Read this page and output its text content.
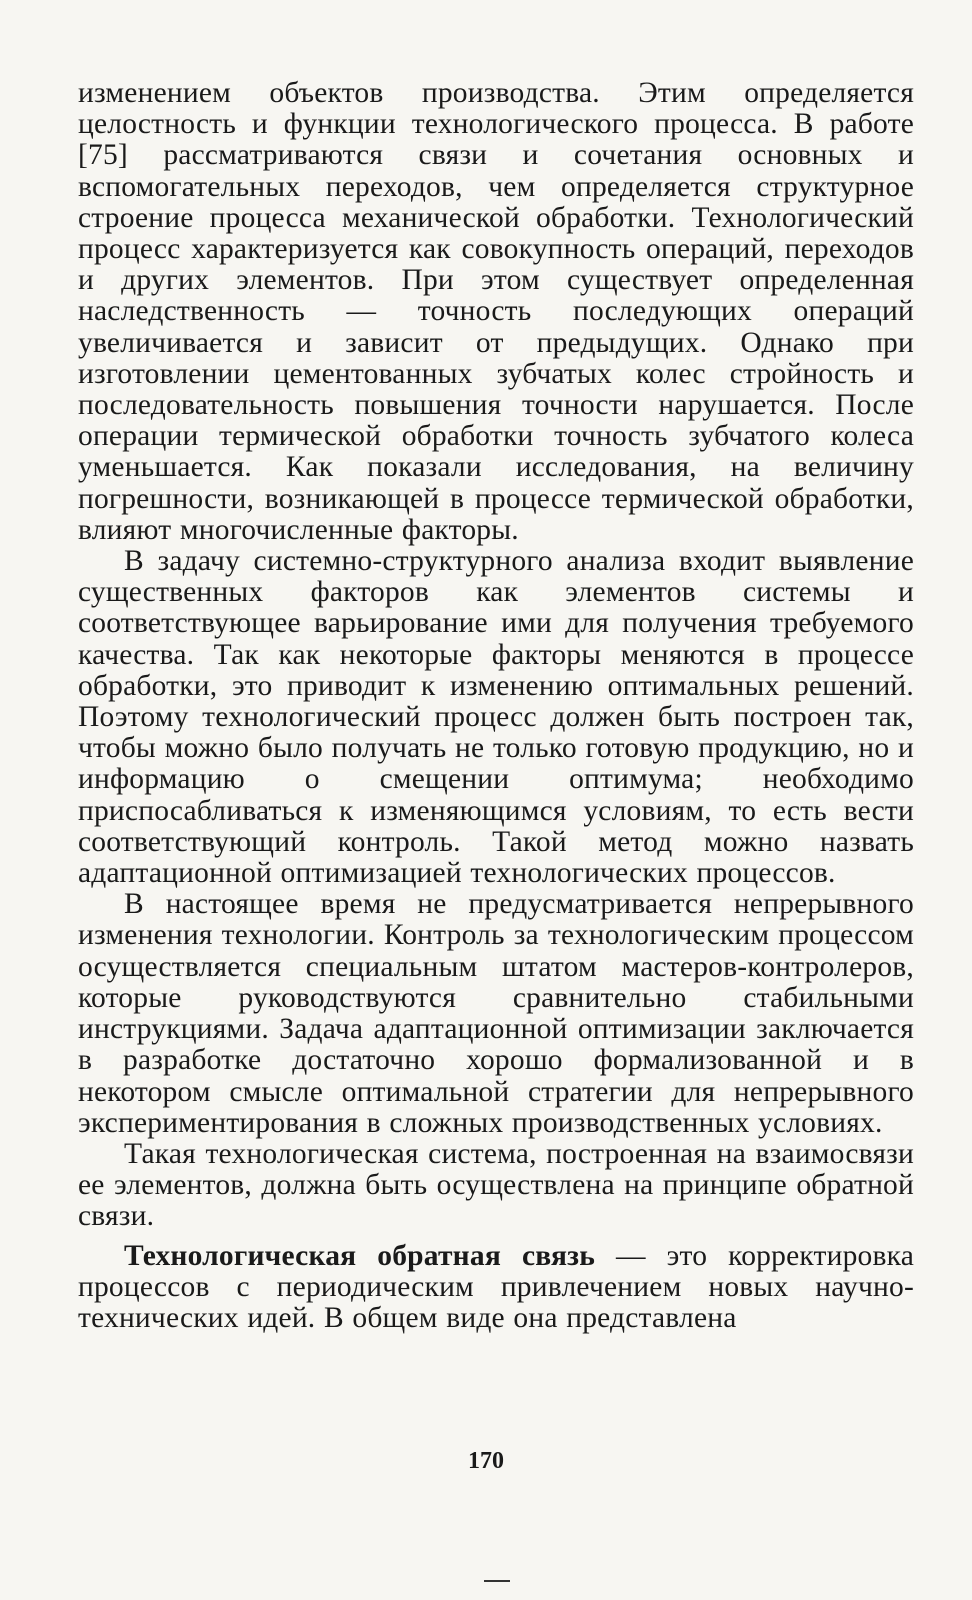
изменением объектов производства. Этим определяется целостность и функции технологического процесса. В работе [75] рассматриваются связи и сочетания основных и вспомогательных переходов, чем определяется структурное строение процесса механической обработки. Технологический процесс характеризуется как совокупность операций, переходов и других элементов. При этом существует определенная наследственность — точность последующих операций увеличивается и зависит от предыдущих. Однако при изготовлении цементованных зубчатых колес стройность и последовательность повышения точности нарушается. После операции термической обработки точность зубчатого колеса уменьшается. Как показали исследования, на величину погрешности, возникающей в процессе термической обработки, влияют многочисленные факторы.

В задачу системно-структурного анализа входит выявление существенных факторов как элементов системы и соответствующее варьирование ими для получения требуемого качества. Так как некоторые факторы меняются в процессе обработки, это приводит к изменению оптимальных решений. Поэтому технологический процесс должен быть построен так, чтобы можно было получать не только готовую продукцию, но и информацию о смещении оптимума; необходимо приспосабливаться к изменяющимся условиям, то есть вести соответствующий контроль. Такой метод можно назвать адаптационной оптимизацией технологических процессов.

В настоящее время не предусматривается непрерывного изменения технологии. Контроль за технологическим процессом осуществляется специальным штатом мастеров-контролеров, которые руководствуются сравнительно стабильными инструкциями. Задача адаптационной оптимизации заключается в разработке достаточно хорошо формализованной и в некотором смысле оптимальной стратегии для непрерывного экспериментирования в сложных производственных условиях.

Такая технологическая система, построенная на взаимосвязи ее элементов, должна быть осуществлена на принципе обратной связи.

Технологическая обратная связь — это корректировка процессов с периодическим привлечением новых научно-технических идей. В общем виде она представлена

170
